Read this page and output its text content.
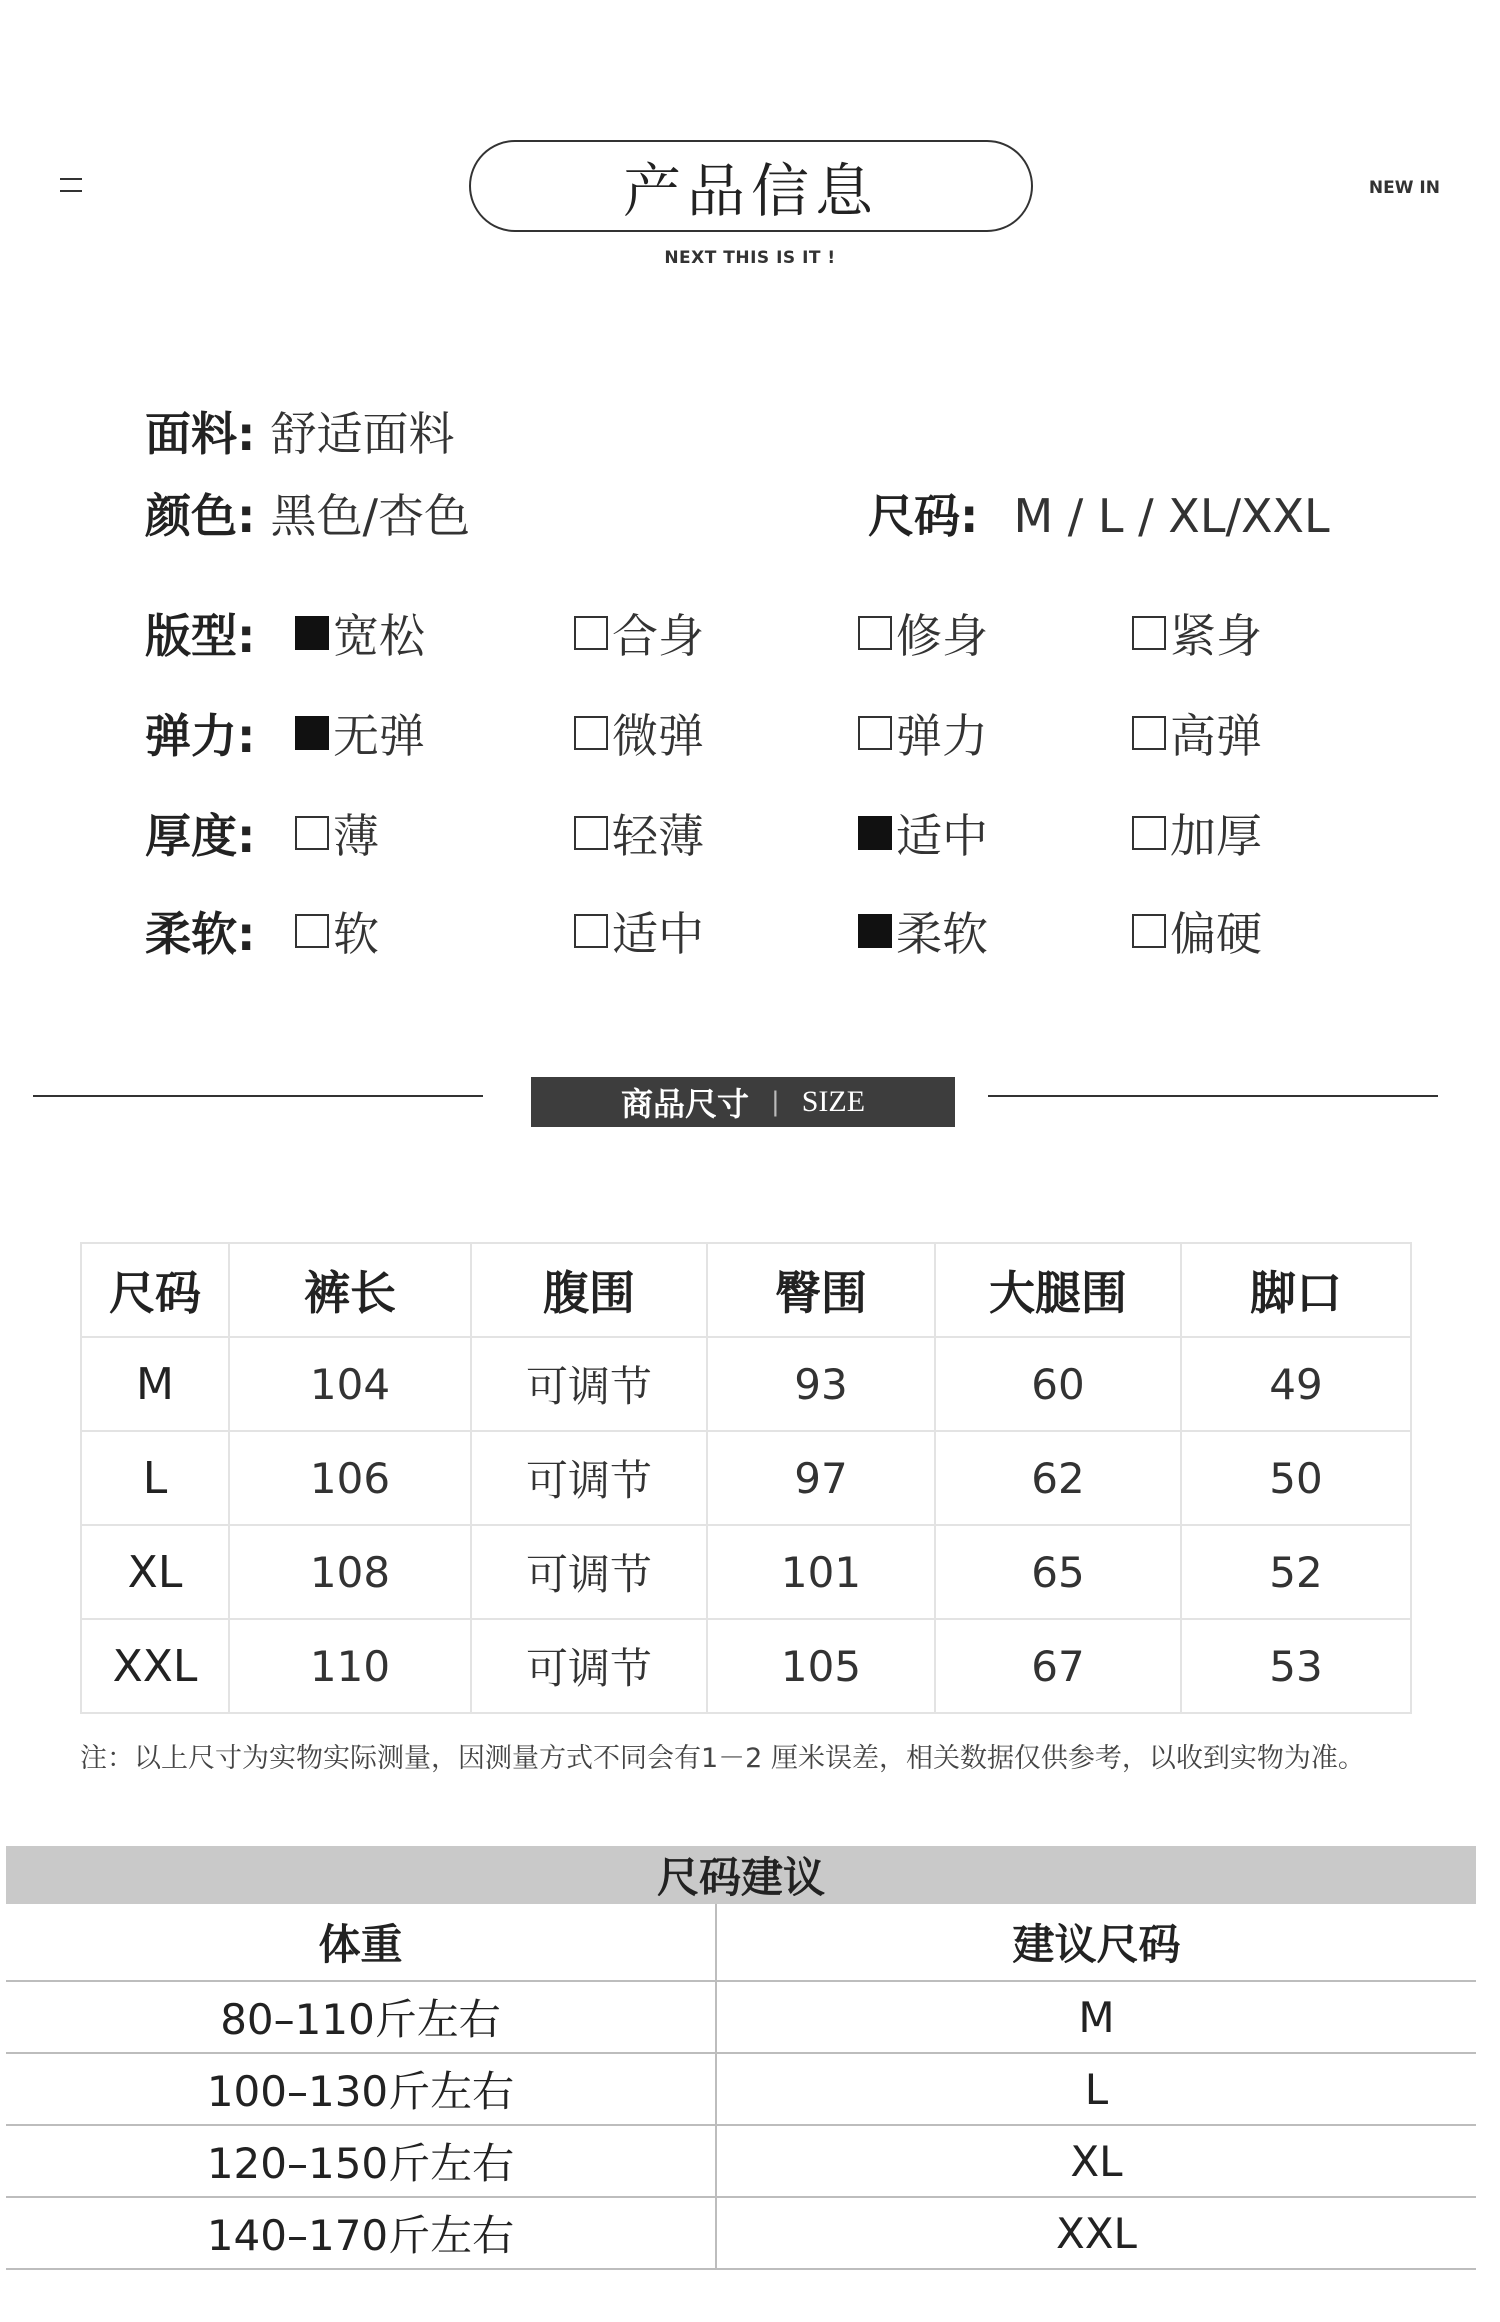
产品信息
NEXT THIS IS IT !
NEW IN
面料: 舒适面料
颜色: 黑色/杏色	尺码: M / L / XL/XXL
版型: 宽松	合身	修身	紧身
弹力: 无弹	微弹	弹力	高弹
厚度: 薄	轻薄	适中	加厚
柔软: 软	适中	柔软	偏硬
商品尺寸 | SIZE
尺码	裤长	腹围	臀围	大腿围	脚口
M	104	可调节	93	60	49
L	106	可调节	97	62	50
XL	108	可调节	101	65	52
XXL	110	可调节	105	67	53
注：以上尺寸为实物实际测量，因测量方式不同会有1－2 厘米误差，相关数据仅供参考，以收到实物为准。
尺码建议
体重	建议尺码
80–110斤左右	M
100–130斤左右	L
120–150斤左右	XL
140–170斤左右	XXL
